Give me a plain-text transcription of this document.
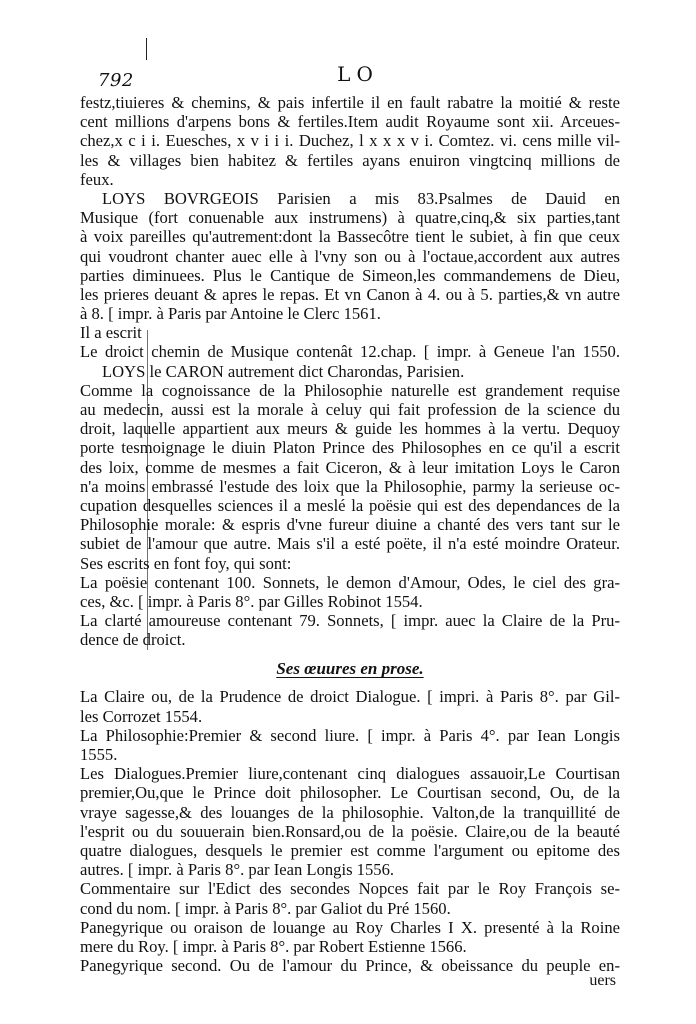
792	LO
festz,tiuieres & chemins, & pais infertile il en fault rabatre la moitié & reste
cent millions d'arpens bons & fertiles.Item audit Royaume sont xii. Arceues-
chez,x c i i. Euesches, x v i i i. Duchez, l x x x v i. Comtez. vi. cens mille vil-
les & villages bien habitez & fertiles ayans enuiron vingtcinq millions de
feux.
LOYS BOVRGEOIS Parisien a mis 83.Psalmes de Dauid en
Musique (fort conuenable aux instrumens) à quatre,cinq,& six parties,tant
à voix pareilles qu'autrement:dont la Bassecôtre tient le subiet, à fin que ceux
qui voudront chanter auec elle à l'vny son ou à l'octaue,accordent aux autres
parties diminuees. Plus le Cantique de Simeon,les commandemens de Dieu,
les prieres deuant & apres le repas. Et vn Canon à 4. ou à 5. parties,& vn autre
à 8. [ impr. à Paris par Antoine le Clerc 1561.
Il a escrit
Le droict chemin de Musique contenât 12.chap. [ impr. à Geneue l'an 1550.
LOYS le CARON autrement dict Charondas, Parisien.
Comme la cognoissance de la Philosophie naturelle est grandement requise
au medecin, aussi est la morale à celuy qui fait profession de la science du
droit, laquelle appartient aux meurs & guide les hommes à la vertu. Dequoy
porte tesmoignage le diuin Platon Prince des Philosophes en ce qu'il a escrit
des loix, comme de mesmes a fait Ciceron, & à leur imitation Loys le Caron
n'a moins embrassé l'estude des loix que la Philosophie, parmy la serieuse oc-
cupation desquelles sciences il a meslé la poësie qui est des dependances de la
Philosophie morale: & espris d'vne fureur diuine a chanté des vers tant sur le
subiet de l'amour que autre. Mais s'il a esté poëte, il n'a esté moindre Orateur.
Ses escrits en font foy, qui sont:
La poësie contenant 100. Sonnets, le demon d'Amour, Odes, le ciel des gra-
ces, &c. [ impr. à Paris 8°. par Gilles Robinot 1554.
La clarté amoureuse contenant 79. Sonnets, [ impr. auec la Claire de la Pru-
dence de droict.
Ses œuures en prose.
La Claire ou, de la Prudence de droict Dialogue. [ impri. à Paris 8°. par Gil-
les Corrozet 1554.
La Philosophie:Premier & second liure. [ impr. à Paris 4°. par Iean Longis
1555.
Les Dialogues.Premier liure,contenant cinq dialogues assauoir,Le Courtisan
premier,Ou,que le Prince doit philosopher. Le Courtisan second, Ou, de la
vraye sagesse,& des louanges de la philosophie. Valton,de la tranquillité de
l'esprit ou du souuerain bien.Ronsard,ou de la poësie. Claire,ou de la beauté
quatre dialogues, desquels le premier est comme l'argument ou epitome des
autres. [ impr. à Paris 8°. par Iean Longis 1556.
Commentaire sur l'Edict des secondes Nopces fait par le Roy François se-
cond du nom. [ impr. à Paris 8°. par Galiot du Pré 1560.
Panegyrique ou oraison de louange au Roy Charles I X. presenté à la Roine
mere du Roy. [ impr. à Paris 8°. par Robert Estienne 1566.
Panegyrique second. Ou de l'amour du Prince, & obeissance du peuple en-
uers
